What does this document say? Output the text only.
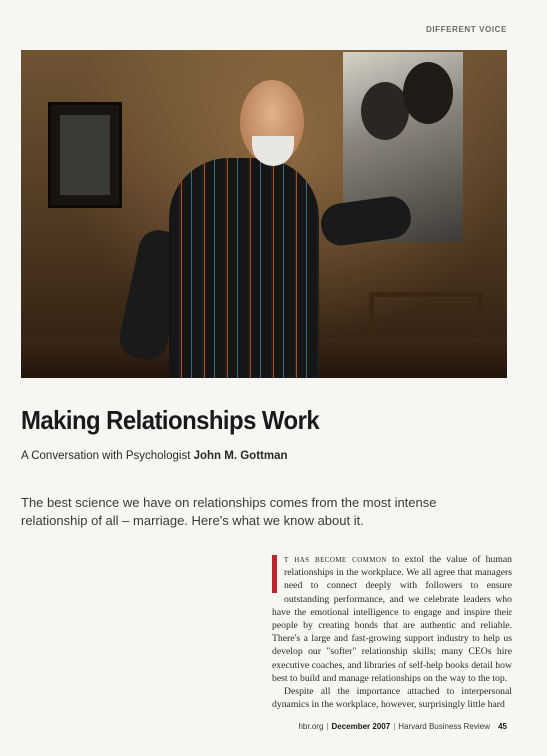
DIFFERENT VOICE
Making Relationships Work
A Conversation with Psychologist John M. Gottman
The best science we have on relationships comes from the most intense relationship of all – marriage. Here's what we know about it.

t has become common to extol the value of human relationships in the workplace. We all agree that managers need to connect deeply with followers to ensure outstanding performance, and we celebrate leaders who have the emotional intelligence to engage and inspire their people by creating bonds that are authentic and reliable. There's a large and fast-growing support industry to help us develop our "softer" relationship skills; many CEOs hire executive coaches, and libraries of self-help books detail how best to build and manage relationships on the way to the top.

Despite all the importance attached to interpersonal dynamics in the workplace, however, surprisingly little hard

hbr.org | December 2007 | Harvard Business Review 45
